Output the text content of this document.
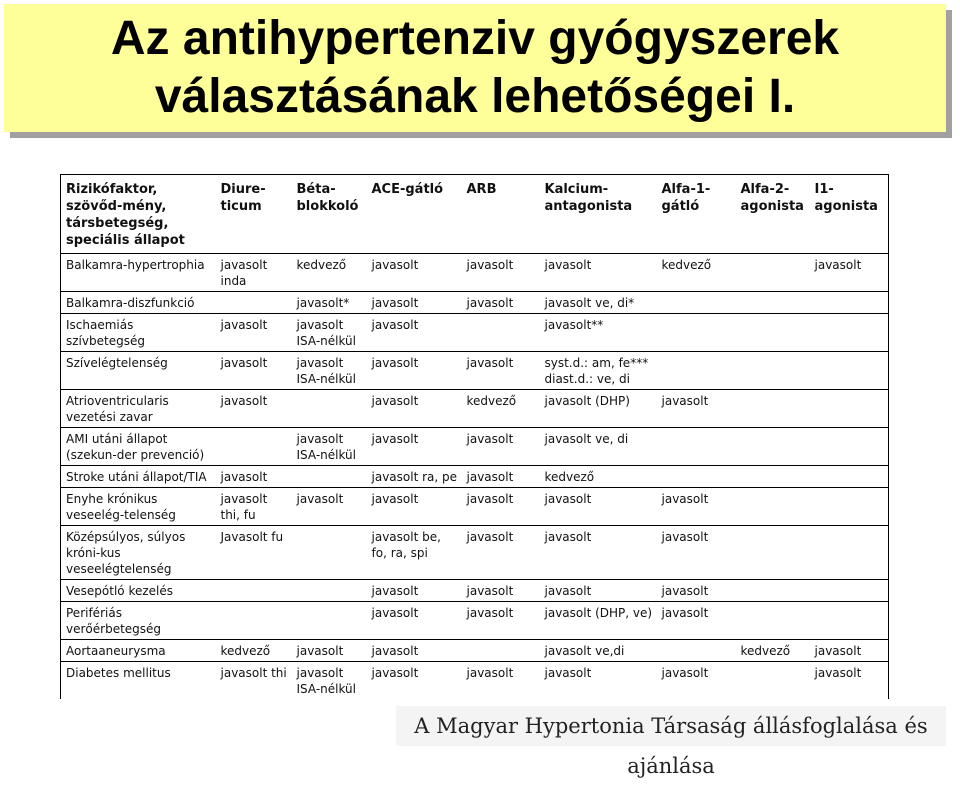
Az antihypertenziv gyógyszerek
választásának lehetőségei I.
Rizikófaktor, szövőd-mény, társbetegség, speciális állapot	Diure-ticum	Béta-blokkoló	ACE-gátló	ARB	Kalcium-antagonista	Alfa-1-gátló	Alfa-2-agonista	I1-agonista
Balkamra-hypertrophia	javasolt inda	kedvező	javasolt	javasolt	javasolt	kedvező		javasolt
Balkamra-diszfunkció		javasolt*	javasolt	javasolt	javasolt ve, di*			
Ischaemiás szívbetegség	javasolt	javasolt ISA-nélkül	javasolt		javasolt**			
Szívelégtelenség	javasolt	javasolt ISA-nélkül	javasolt	javasolt	syst.d.: am, fe*** diast.d.: ve, di			
Atrioventricularis vezetési zavar	javasolt		javasolt	kedvező	javasolt (DHP)	javasolt		
AMI utáni állapot (szekun-der prevenció)		javasolt ISA-nélkül	javasolt	javasolt	javasolt ve, di			
Stroke utáni állapot/TIA	javasolt		javasolt ra, pe	javasolt	kedvező			
Enyhe krónikus veseelég-telenség	javasolt thi, fu	javasolt	javasolt	javasolt	javasolt	javasolt		
Középsúlyos, súlyos króni-kus veseelégtelenség	Javasolt fu		javasolt be, fo, ra, spi	javasolt	javasolt	javasolt		
Vesepótló kezelés			javasolt	javasolt	javasolt	javasolt		
Perifériás verőérbetegség			javasolt	javasolt	javasolt (DHP, ve)	javasolt		
Aortaaneurysma	kedvező	javasolt	javasolt		javasolt ve,di		kedvező	javasolt
Diabetes mellitus	javasolt thi	javasolt ISA-nélkül	javasolt	javasolt	javasolt	javasolt		javasolt
A Magyar Hypertonia Társaság állásfoglalása és ajánlása
